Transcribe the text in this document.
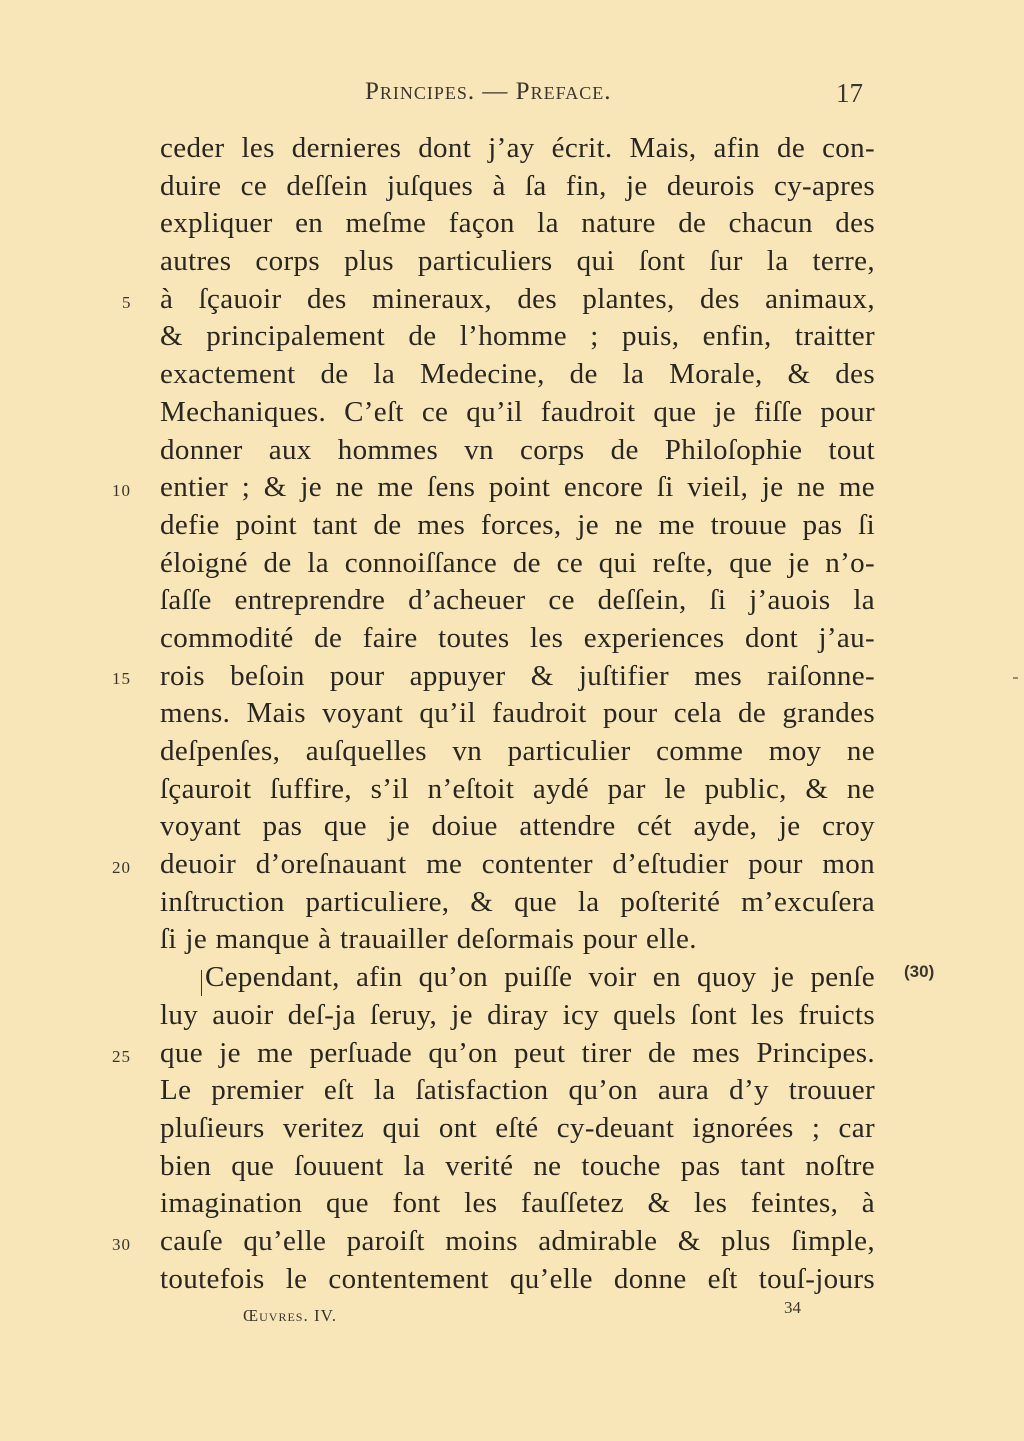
Principes. — Preface.	17
ceder les dernieres dont j’ay écrit. Mais, afin de con-
duire ce deſſein juſques à ſa fin, je deurois cy-apres
expliquer en meſme façon la nature de chacun des
autres corps plus particuliers qui ſont ſur la terre,
à ſçauoir des mineraux, des plantes, des animaux,
& principalement de l’homme ; puis, enfin, traitter
exactement de la Medecine, de la Morale, & des
Mechaniques. C’eſt ce qu’il faudroit que je fiſſe pour
donner aux hommes vn corps de Philoſophie tout
entier ; & je ne me ſens point encore ſi vieil, je ne me
defie point tant de mes forces, je ne me trouue pas ſi
éloigné de la connoiſſance de ce qui reſte, que je n’o-
ſaſſe entreprendre d’acheuer ce deſſein, ſi j’auois la
commodité de faire toutes les experiences dont j’au-
rois beſoin pour appuyer & juſtifier mes raiſonne-
mens. Mais voyant qu’il faudroit pour cela de grandes
deſpenſes, auſquelles vn particulier comme moy ne
ſçauroit ſuffire, s’il n’eſtoit aydé par le public, & ne
voyant pas que je doiue attendre cét ayde, je croy
deuoir d’oreſnauant me contenter d’eſtudier pour mon
inſtruction particuliere, & que la poſterité m’excuſera
ſi je manque à trauailler deſormais pour elle.
Cependant, afin qu’on puiſſe voir en quoy je penſe
luy auoir deſ-ja ſeruy, je diray icy quels ſont les fruicts
que je me perſuade qu’on peut tirer de mes Principes.
Le premier eſt la ſatisfaction qu’on aura d’y trouuer
pluſieurs veritez qui ont eſté cy-deuant ignorées ; car
bien que ſouuent la verité ne touche pas tant noſtre
imagination que font les fauſſetez & les feintes, à
cauſe qu’elle paroiſt moins admirable & plus ſimple,
toutefois le contentement qu’elle donne eſt touſ-jours
5
10
15
20
25
30
(30)
Œuvres. IV.	34
